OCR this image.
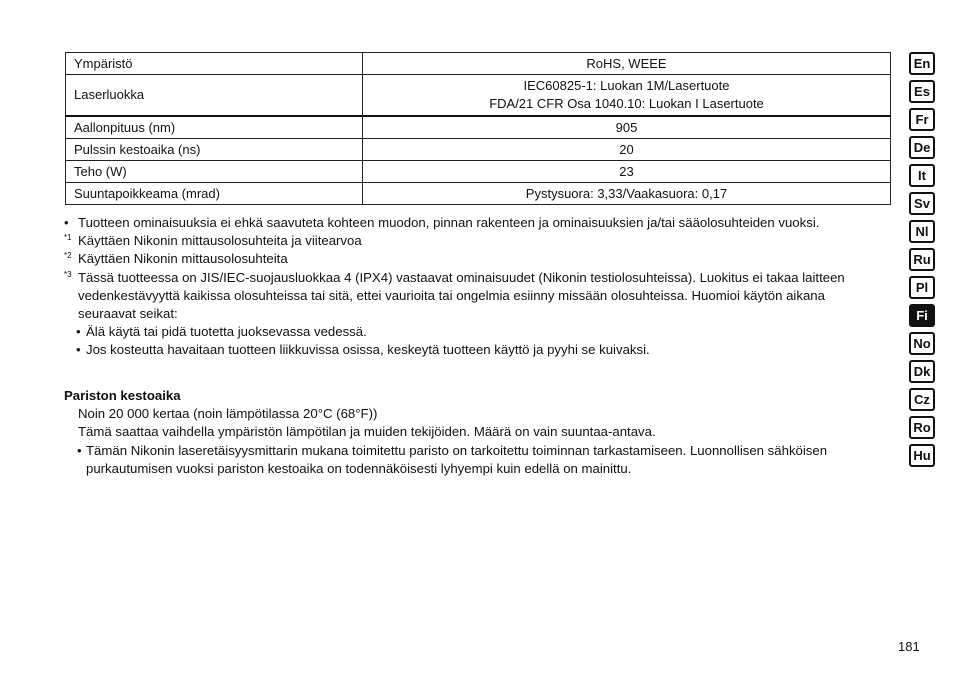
Ympäristö	RoHS, WEEE
Laserluokka	IEC60825-1: Luokan 1M/Lasertuote
FDA/21 CFR Osa 1040.10: Luokan I Lasertuote

Aallonpituus (nm)	905
Pulssin kestoaika (ns)	20
Teho (W)	23
Suuntapoikkeama (mrad)	Pystysuora: 3,33/Vaakasuora: 0,17
• Tuotteen ominaisuuksia ei ehkä saavuteta kohteen muodon, pinnan rakenteen ja ominaisuuksien ja/tai sääolosuhteiden vuoksi.
*1 Käyttäen Nikonin mittausolosuhteita ja viitearvoa
*2 Käyttäen Nikonin mittausolosuhteita
*3 Tässä tuotteessa on JIS/IEC-suojausluokkaa 4 (IPX4) vastaavat ominaisuudet (Nikonin testiolosuhteissa). Luokitus ei takaa laitteen vedenkestävyyttä kaikissa olosuhteissa tai sitä, ettei vaurioita tai ongelmia esiinny missään olosuhteissa. Huomioi käytön aikana seuraavat seikat:
• Älä käytä tai pidä tuotetta juoksevassa vedessä.
• Jos kosteutta havaitaan tuotteen liikkuvissa osissa, keskeytä tuotteen käyttö ja pyyhi se kuivaksi.
Pariston kestoaika
Noin 20 000 kertaa (noin lämpötilassa 20°C (68°F))
Tämä saattaa vaihdella ympäristön lämpötilan ja muiden tekijöiden. Määrä on vain suuntaa-antava.
• Tämän Nikonin laseretäisyysmittarin mukana toimitettu paristo on tarkoitettu toiminnan tarkastamiseen. Luonnollisen sähköisen purkautumisen vuoksi pariston kestoaika on todennäköisesti lyhyempi kuin edellä on mainittu.
En
Es
Fr
De
It
Sv
Nl
Ru
Pl
Fi
No
Dk
Cz
Ro
Hu
181
